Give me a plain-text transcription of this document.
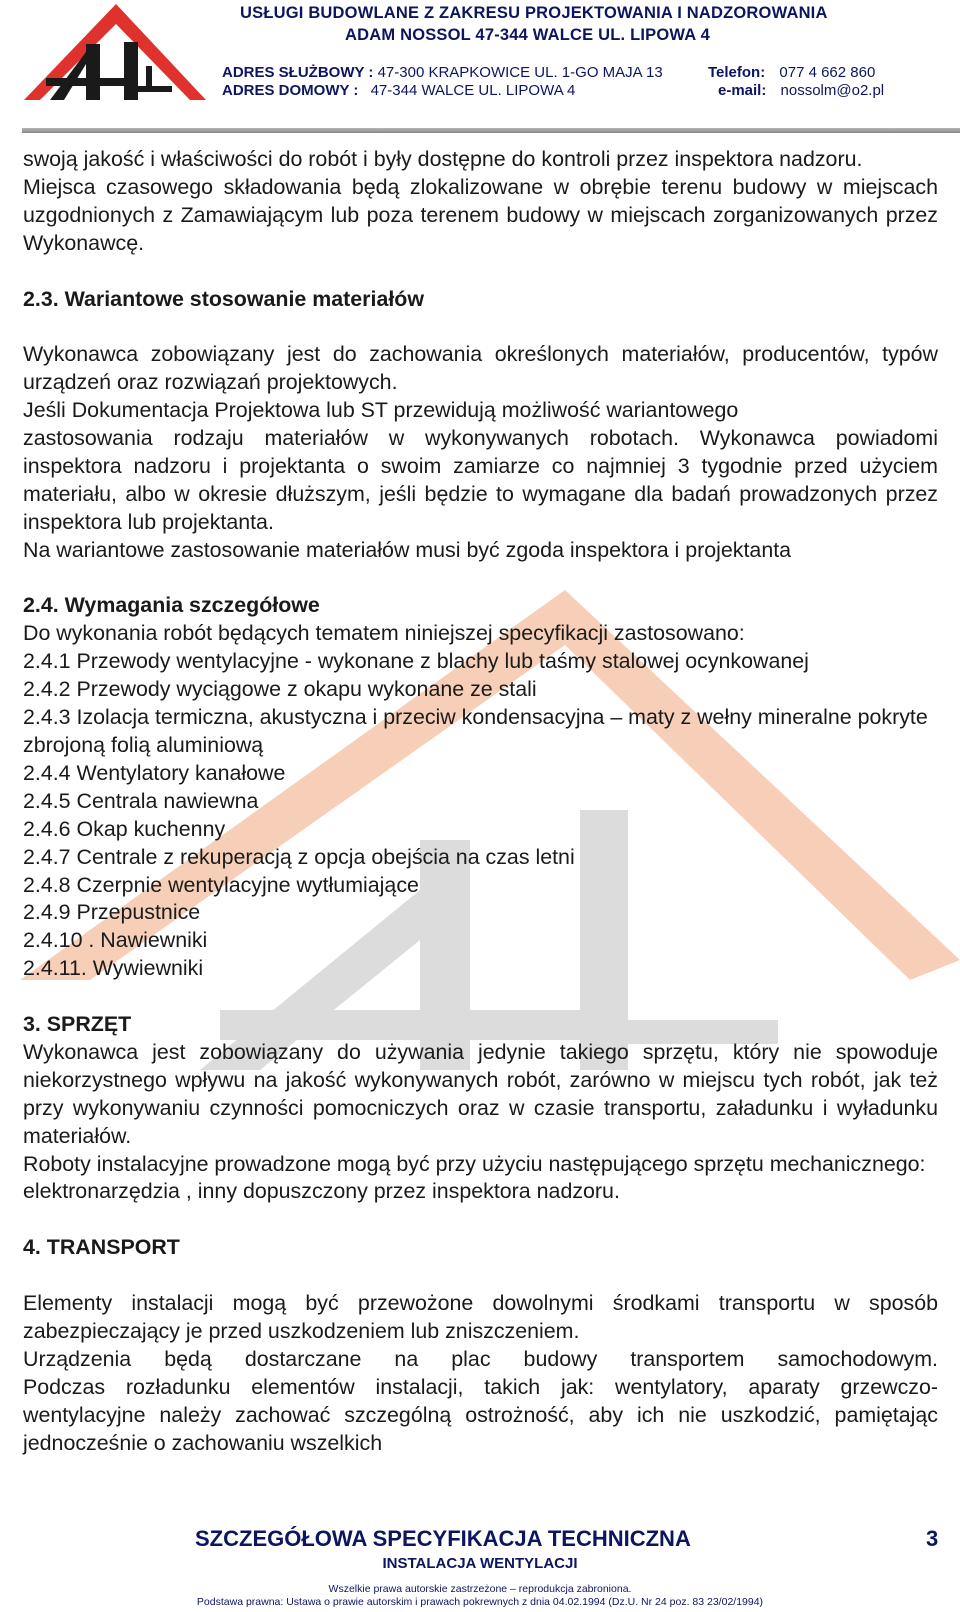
USŁUGI BUDOWLANE Z ZAKRESU PROJEKTOWANIA I NADZOROWANIA
ADAM NOSSOL 47-344 WALCE UL. LIPOWA 4
ADRES SŁUŻBOWY : 47-300 KRAPKOWICE UL. 1-GO MAJA 13	Telefon: 077 4 662 860
ADRES DOMOWY : 47-344 WALCE UL. LIPOWA 4	e-mail: nossolm@o2.pl

swoją jakość i właściwości do robót i były dostępne do kontroli przez inspektora nadzoru.

Miejsca czasowego składowania będą zlokalizowane w obrębie terenu budowy w miejscach uzgodnionych z Zamawiającym lub poza terenem budowy w miejscach zorganizowanych przez Wykonawcę.

2.3. Wariantowe stosowanie materiałów

Wykonawca zobowiązany jest do zachowania określonych materiałów, producentów, typów urządzeń oraz rozwiązań projektowych.

Jeśli Dokumentacja Projektowa lub ST przewidują możliwość wariantowego

zastosowania rodzaju materiałów w wykonywanych robotach. Wykonawca powiadomi inspektora nadzoru i projektanta o swoim zamiarze co najmniej 3 tygodnie przed użyciem materiału, albo w okresie dłuższym, jeśli będzie to wymagane dla badań prowadzonych przez inspektora lub projektanta.

Na wariantowe zastosowanie materiałów musi być zgoda inspektora i projektanta

2.4. Wymagania szczegółowe

Do wykonania robót będących tematem niniejszej specyfikacji zastosowano:

2.4.1 Przewody wentylacyjne - wykonane z blachy lub taśmy stalowej ocynkowanej

2.4.2 Przewody wyciągowe z okapu wykonane ze stali

2.4.3 Izolacja termiczna, akustyczna i przeciw kondensacyjna – maty z wełny mineralne pokryte zbrojoną folią aluminiową

2.4.4 Wentylatory kanałowe

2.4.5 Centrala nawiewna

2.4.6 Okap kuchenny

2.4.7 Centrale z rekuperacją z opcja obejścia na czas letni

2.4.8 Czerpnie wentylacyjne wytłumiające

2.4.9 Przepustnice

2.4.10 . Nawiewniki

2.4.11. Wywiewniki

3. SPRZĘT

Wykonawca jest zobowiązany do używania jedynie takiego sprzętu, który nie spowoduje niekorzystnego wpływu na jakość wykonywanych robót, zarówno w miejscu tych robót, jak też przy wykonywaniu czynności pomocniczych oraz w czasie transportu, załadunku i wyładunku materiałów.

Roboty instalacyjne prowadzone mogą być przy użyciu następującego sprzętu mechanicznego: elektronarzędzia , inny dopuszczony przez inspektora nadzoru.

4. TRANSPORT

Elementy instalacji mogą być przewożone dowolnymi środkami transportu w sposób zabezpieczający je przed uszkodzeniem lub zniszczeniem.

Urządzenia będą dostarczane na plac budowy transportem samochodowym.

Podczas rozładunku elementów instalacji, takich jak: wentylatory, aparaty grzewczo-wentylacyjne należy zachować szczególną ostrożność, aby ich nie uszkodzić, pamiętając jednocześnie o zachowaniu wszelkich

SZCZEGÓŁOWA SPECYFIKACJA TECHNICZNA	3
INSTALACJA WENTYLACJI
Wszelkie prawa autorskie zastrzeżone – reprodukcja zabroniona.
Podstawa prawna: Ustawa o prawie autorskim i prawach pokrewnych z dnia 04.02.1994 (Dz.U. Nr 24 poz. 83 23/02/1994)
